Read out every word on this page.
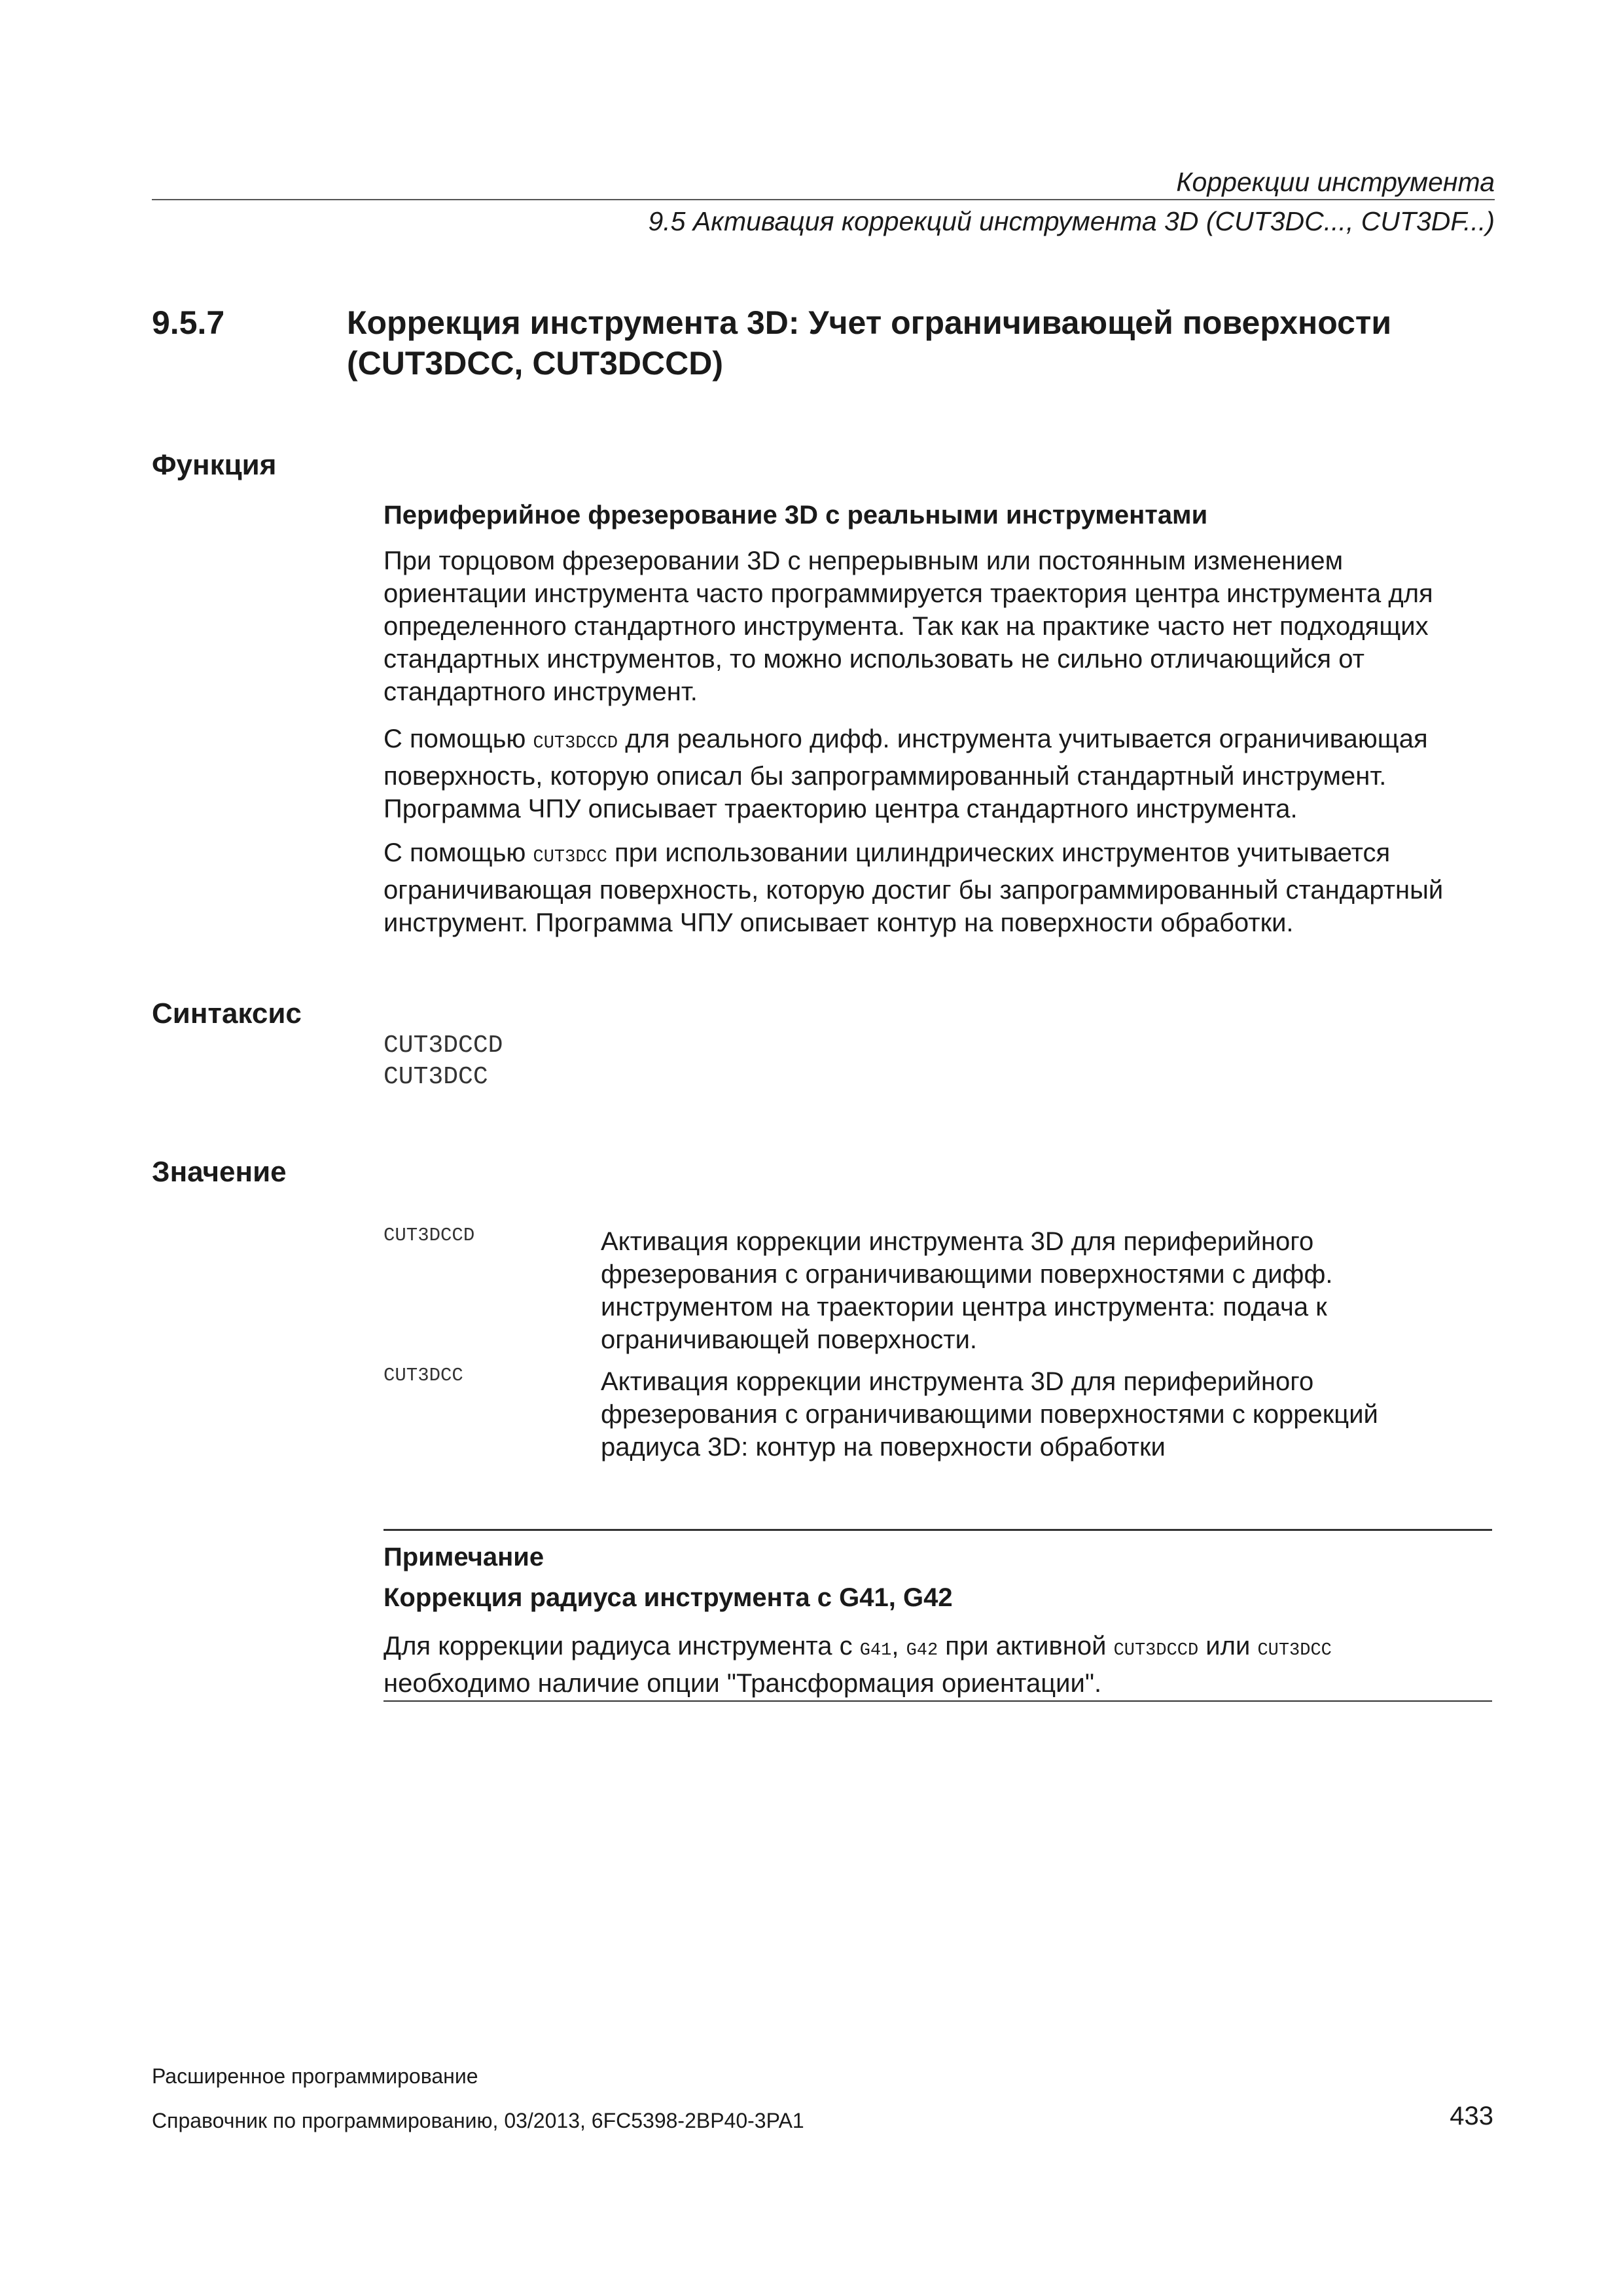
Коррекции инструмента
9.5 Активация коррекций инструмента 3D (CUT3DC..., CUT3DF...)
9.5.7	Коррекция инструмента 3D: Учет ограничивающей поверхности
(CUT3DCC, CUT3DCCD)
Функция
Периферийное фрезерование 3D с реальными инструментами
При торцовом фрезеровании 3D с непрерывным или постоянным изменением
ориентации инструмента часто программируется траектория центра инструмента для
определенного стандартного инструмента. Так как на практике часто нет подходящих
стандартных инструментов, то можно использовать не сильно отличающийся от
стандартного инструмент.
С помощью CUT3DCCD для реального дифф. инструмента учитывается ограничивающая
поверхность, которую описал бы запрограммированный стандартный инструмент.
Программа ЧПУ описывает траекторию центра стандартного инструмента.
С помощью CUT3DCC при использовании цилиндрических инструментов учитывается
ограничивающая поверхность, которую достиг бы запрограммированный стандартный
инструмент. Программа ЧПУ описывает контур на поверхности обработки.
Синтаксис
CUT3DCCD
CUT3DCC
Значение
CUT3DCCD	Активация коррекции инструмента 3D для периферийного
фрезерования с ограничивающими поверхностями с дифф.
инструментом на траектории центра инструмента: подача к
ограничивающей поверхности.
CUT3DCC	Активация коррекции инструмента 3D для периферийного
фрезерования с ограничивающими поверхностями с коррекций
радиуса 3D: контур на поверхности обработки
Примечание
Коррекция радиуса инструмента с G41, G42
Для коррекции радиуса инструмента с G41, G42 при активной CUT3DCCD или CUT3DCC
необходимо наличие опции "Трансформация ориентации".
Расширенное программирование
Справочник по программированию, 03/2013, 6FC5398-2BP40-3PA1	433
